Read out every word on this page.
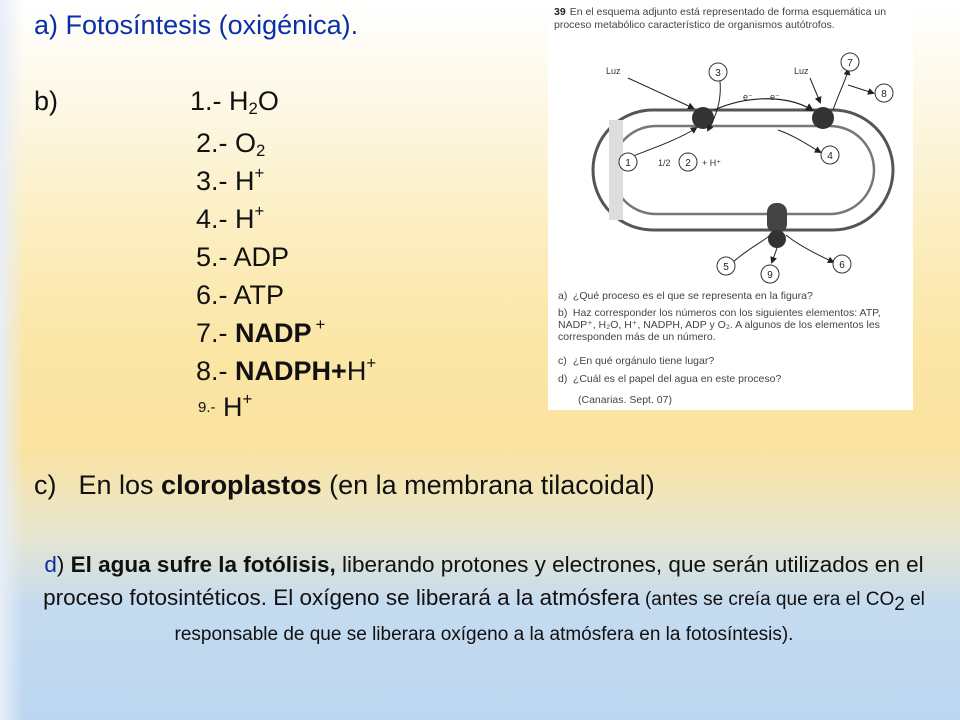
a) Fotosíntesis (oxigénica).
b)	1.- $H_2O$
2.- $O_2$
3.- H+
4.- H+
5.- ADP
6.- ATP
7.- NADP +
8.- NADPH+H+
9.- H+
c) En los cloroplastos (en la membrana tilacoidal)
d) El agua sufre la fotólisis, liberando protones y electrones, que serán utilizados en el proceso fotosintéticos. El oxígeno se liberará a la atmósfera (antes se creía que era el $CO_2$ el responsable de que se liberara oxígeno a la atmósfera en la fotosíntesis).
39 En el esquema adjunto está representado de forma esquemática un proceso metabólico característico de organismos autótrofos.
e⁻ e⁻
Luz	Luz
1	1/2 2 + H⁺
3
4
5	6
7
8
9
a) ¿Qué proceso es el que se representa en la figura?
b) Haz corresponder los números con los siguientes elementos: ATP, NADP⁺, H₂O, H⁺, NADPH, ADP y O₂. A algunos de los elementos les corresponden más de un número.
c) ¿En qué orgánulo tiene lugar?
d) ¿Cuál es el papel del agua en este proceso?
(Canarias. Sept. 07)
